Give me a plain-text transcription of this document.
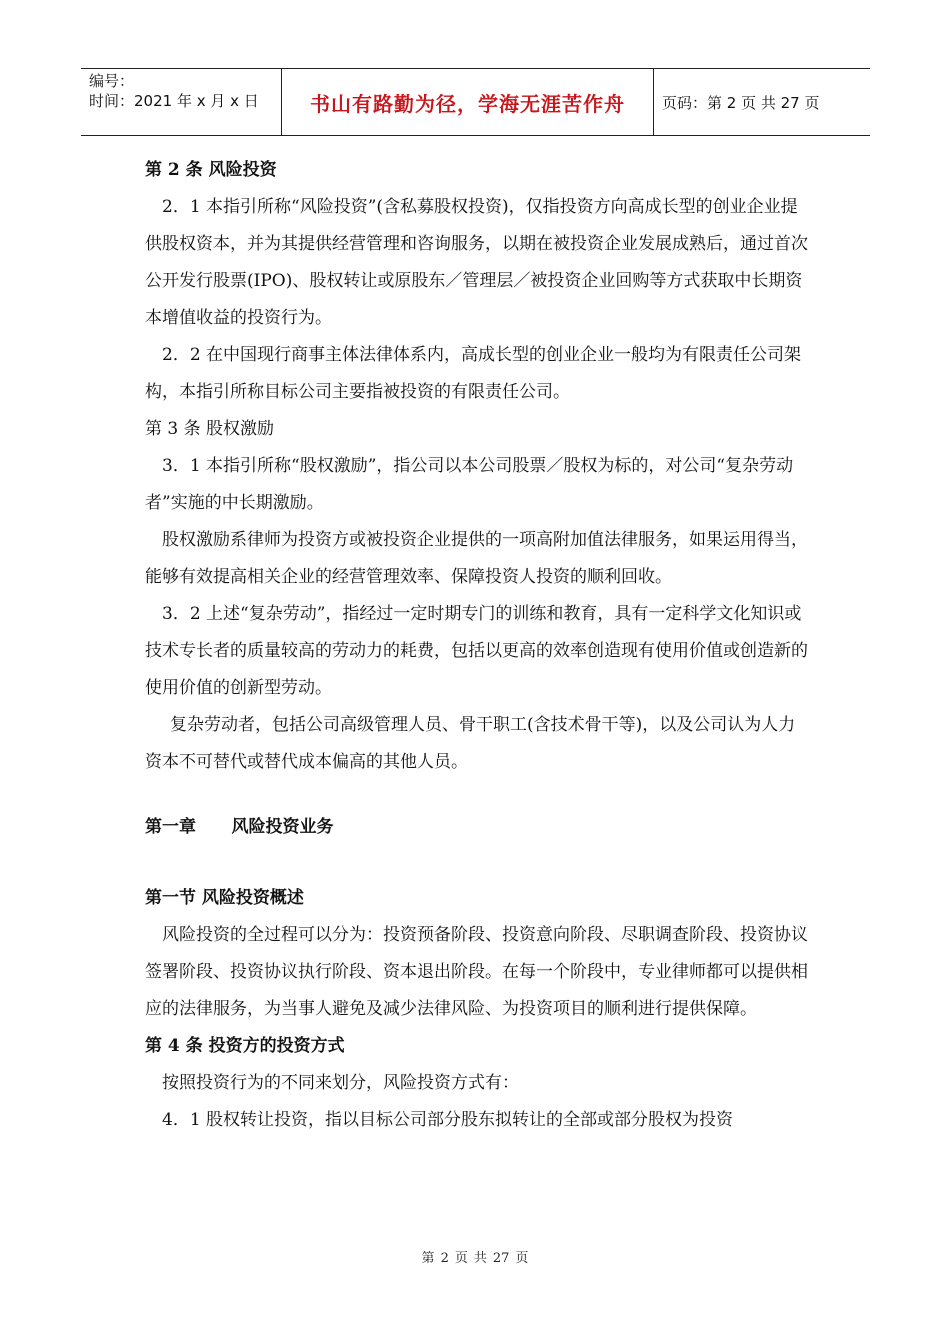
编号：
时间：2021 年 x 月 x 日	书山有路勤为径，学海无涯苦作舟	页码：第 2 页 共 27 页

第 2 条 风险投资

2．1 本指引所称“风险投资”(含私募股权投资)，仅指投资方向高成长型的创业企业提供股权资本，并为其提供经营管理和咨询服务，以期在被投资企业发展成熟后，通过首次公开发行股票(IPO)、股权转让或原股东／管理层／被投资企业回购等方式获取中长期资本增值收益的投资行为。

2．2 在中国现行商事主体法律体系内，高成长型的创业企业一般均为有限责任公司架构，本指引所称目标公司主要指被投资的有限责任公司。

第 3 条 股权激励

3．1 本指引所称“股权激励”，指公司以本公司股票／股权为标的，对公司“复杂劳动者”实施的中长期激励。

股权激励系律师为投资方或被投资企业提供的一项高附加值法律服务，如果运用得当，能够有效提高相关企业的经营管理效率、保障投资人投资的顺利回收。

3．2 上述“复杂劳动”，指经过一定时期专门的训练和教育，具有一定科学文化知识或技术专长者的质量较高的劳动力的耗费，包括以更高的效率创造现有使用价值或创造新的使用价值的创新型劳动。

复杂劳动者，包括公司高级管理人员、骨干职工(含技术骨干等)，以及公司认为人力资本不可替代或替代成本偏高的其他人员。

第一章      风险投资业务

第一节 风险投资概述

风险投资的全过程可以分为：投资预备阶段、投资意向阶段、尽职调查阶段、投资协议签署阶段、投资协议执行阶段、资本退出阶段。在每一个阶段中，专业律师都可以提供相应的法律服务，为当事人避免及减少法律风险、为投资项目的顺利进行提供保障。

第 4 条 投资方的投资方式

按照投资行为的不同来划分，风险投资方式有：

4．1 股权转让投资，指以目标公司部分股东拟转让的全部或部分股权为投资

第 2 页 共 27 页
